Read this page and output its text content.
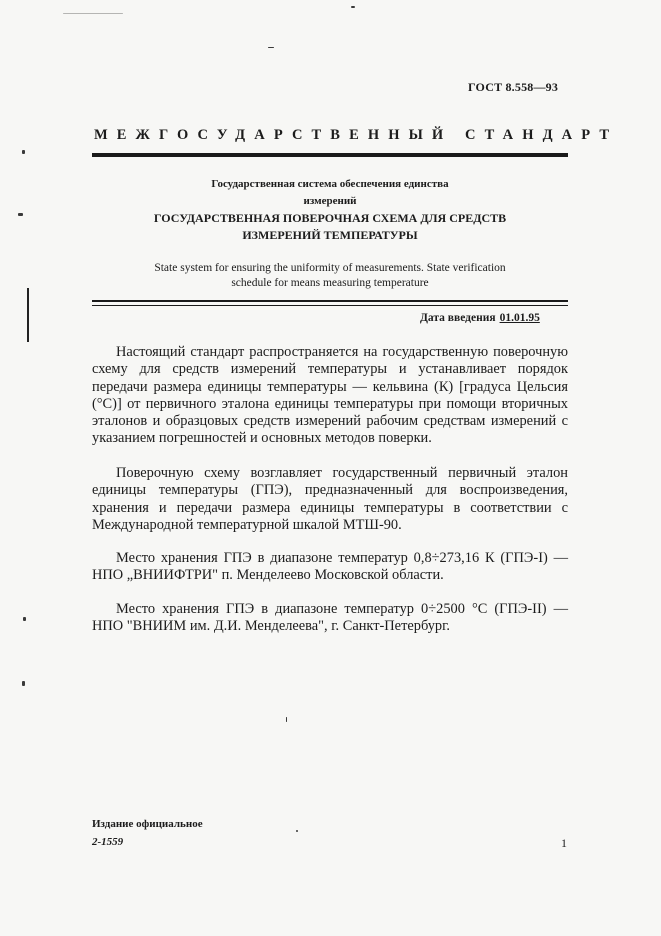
ГОСТ 8.558—93
МЕЖГОСУДАРСТВЕННЫЙ СТАНДАРТ
Государственная система обеспечения единства
измерений
ГОСУДАРСТВЕННАЯ ПОВЕРОЧНАЯ СХЕМА ДЛЯ СРЕДСТВ
ИЗМЕРЕНИЙ ТЕМПЕРАТУРЫ
State system for ensuring the uniformity of measurements. State verification
schedule for means measuring temperature
Дата введения 01.01.95

Настоящий стандарт распространяется на государственную поверочную схему для средств измерений температуры и устанавливает порядок передачи размера единицы температуры — кельвина (К) [градуса Цельсия (°С)] от первичного эталона единицы температуры при помощи вторичных эталонов и образцовых средств измерений рабочим средствам измерений с указанием погрешностей и основных методов поверки.

Поверочную схему возглавляет государственный первичный эталон единицы температуры (ГПЭ), предназначенный для воспроизведения, хранения и передачи размера единицы температуры в соответствии с Международной температурной шкалой МТШ-90.

Место хранения ГПЭ в диапазоне температур 0,8÷273,16 К (ГПЭ-I) — НПО „ВНИИФТРИ" п. Менделеево Московской области.

Место хранения ГПЭ в диапазоне температур 0÷2500 °С (ГПЭ-II) — НПО "ВНИИМ им. Д.И. Менделеева", г. Санкт-Петербург.

Издание официальное
2-1559	1
